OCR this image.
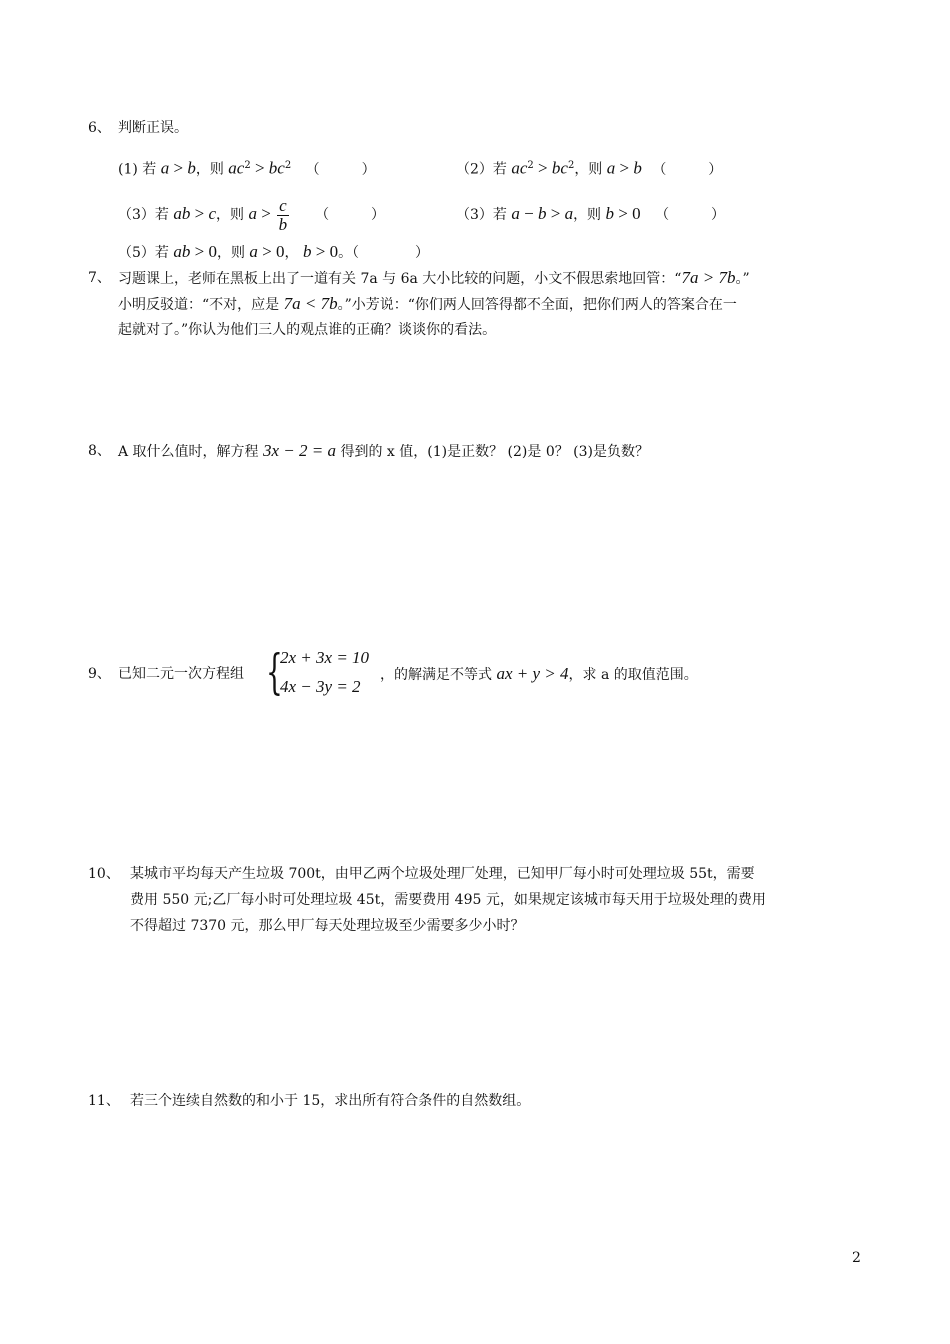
6、 判断正误。
(1) 若 a > b，则 $ac^2 > bc^2$ （　　　）	（2）若 $ac^2 > bc^2$，则 a > b （　　　）
（3）若 ab > c，则 $a > \frac{c}{b}$ （　　　）	（3）若 a − b > a，则 b > 0 （　　　）
（5）若 ab > 0，则 a > 0， b > 0。（　　　　）
7、 习题课上，老师在黑板上出了一道有关 7a 与 6a 大小比较的问题，小文不假思索地回管：“7a > 7b。”
小明反驳道：“不对，应是 7a < 7b。”小芳说：“你们两人回答得都不全面，把你们两人的答案合在一
起就对了。”你认为他们三人的观点谁的正确？谈谈你的看法。
8、 A 取什么值时，解方程 3x − 2 = a 得到的 x 值，(1)是正数？ (2)是 0？ (3)是负数？
9、 已知二元一次方程组 {
2x + 3x = 10
4x − 3y = 2
，的解满足不等式 ax + y > 4，求 a 的取值范围。
10、 某城市平均每天产生垃圾 700t，由甲乙两个垃圾处理厂处理，已知甲厂每小时可处理垃圾 55t，需要
费用 550 元;乙厂每小时可处理垃圾 45t，需要费用 495 元，如果规定该城市每天用于垃圾处理的费用
不得超过 7370 元，那么甲厂每天处理垃圾至少需要多少小时？
11、 若三个连续自然数的和小于 15，求出所有符合条件的自然数组。
2
